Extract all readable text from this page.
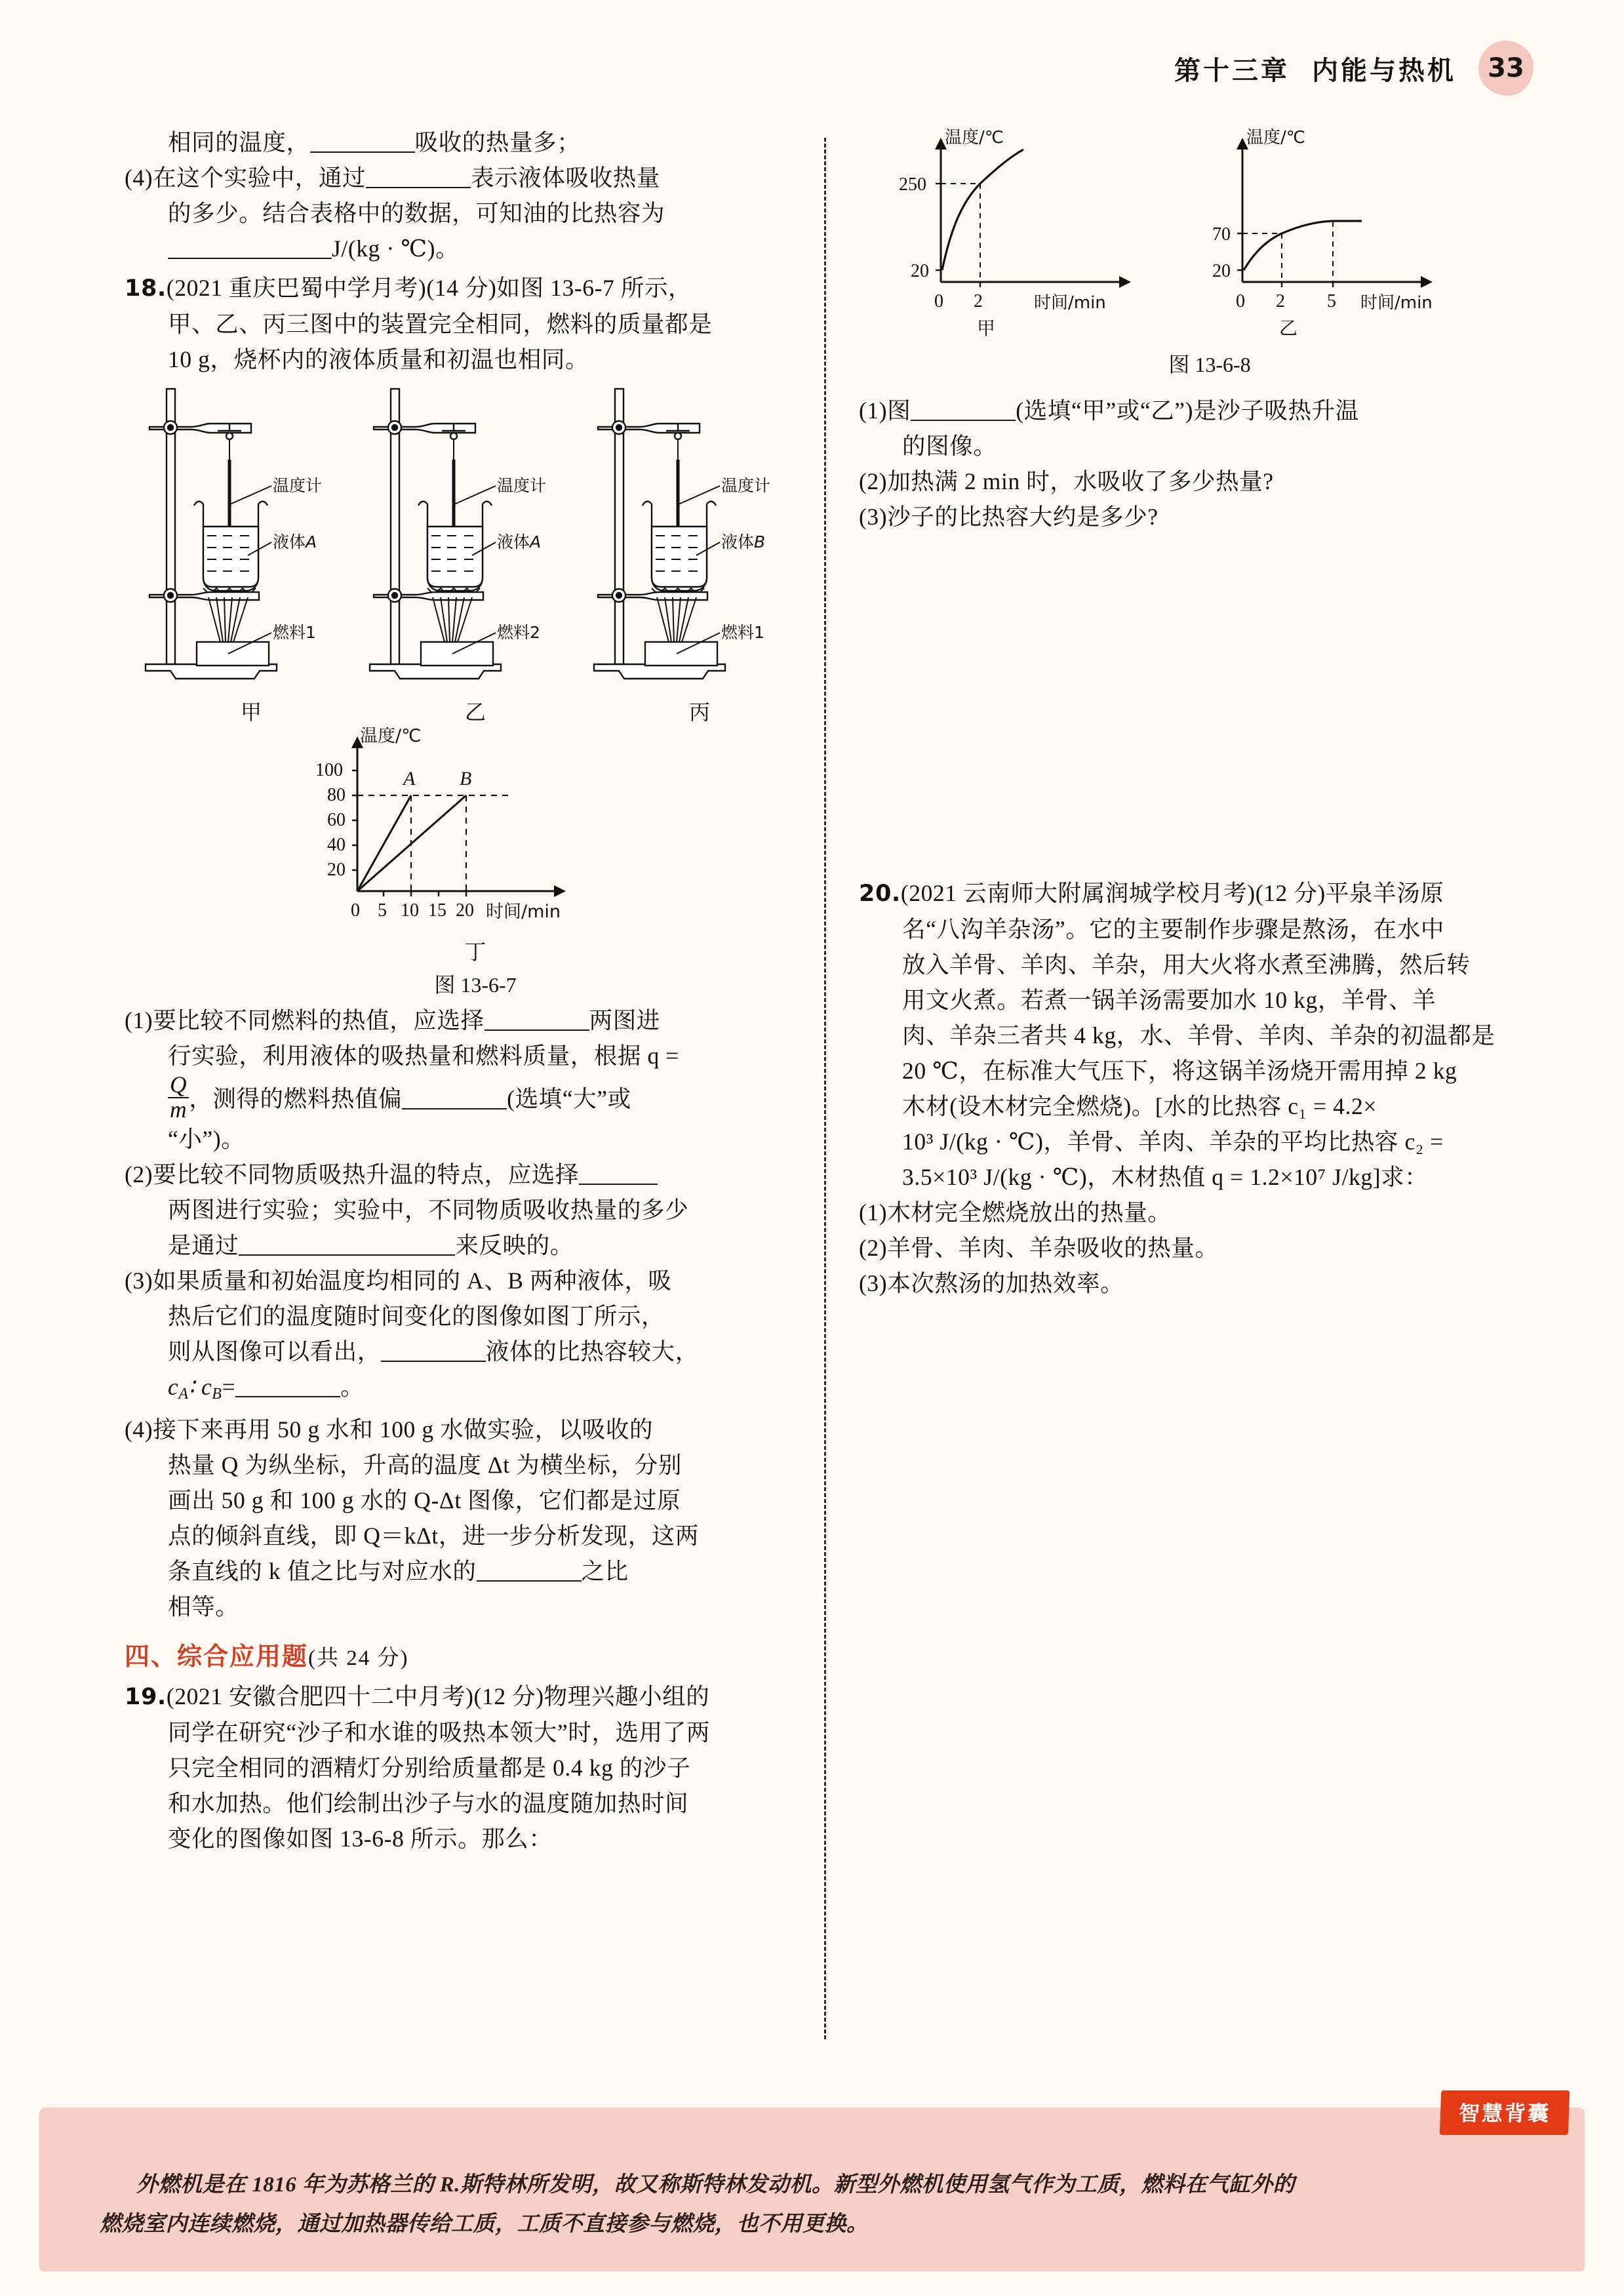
第十三章 内能与热机 33
相同的温度，	吸收的热量多；
(4)在这个实验中，通过	表示液体吸收热量
的多少。结合表格中的数据，可知油的比热容为
J/(kg · ℃)。
18.(2021 重庆巴蜀中学月考)(14 分)如图 13-6-7 所示，
甲、乙、丙三图中的装置完全相同，燃料的质量都是
10 g，烧杯内的液体质量和初温也相同。
温度计
液体A
燃料1
甲
温度计
液体A
燃料2
乙
温度计
液体B
燃料1
丙
温度/℃
100
80
60
40
20
0 5 10 15 20 时间/min
A B
丁
图 13-6-7
(1)要比较不同燃料的热值，应选择	两图进
行实验，利用液体的吸热量和燃料质量，根据 q =
$\frac{Q}{m}$ ，测得的燃料热值偏	(选填“大”或
“小”)。
(2)要比较不同物质吸热升温的特点，应选择
两图进行实验；实验中，不同物质吸收热量的多少
是通过	来反映的。
(3)如果质量和初始温度均相同的 A、B 两种液体，吸
热后它们的温度随时间变化的图像如图丁所示，
则从图像可以看出，	液体的比热容较大，
$c_A∶$ $c_B=$	。
(4)接下来再用 50 g 水和 100 g 水做实验，以吸收的
热量 Q 为纵坐标，升高的温度 Δt 为横坐标，分别
画出 50 g 和 100 g 水的 Q-Δt 图像，它们都是过原
点的倾斜直线，即 Q＝kΔt，进一步分析发现，这两
条直线的 k 值之比与对应水的	之比
相等。
四、综合应用题(共 24 分)
19.(2021 安徽合肥四十二中月考)(12 分)物理兴趣小组的
同学在研究“沙子和水谁的吸热本领大”时，选用了两
只完全相同的酒精灯分别给质量都是 0.4 kg 的沙子
和水加热。他们绘制出沙子与水的温度随加热时间
变化的图像如图 13-6-8 所示。那么：
温度/℃
250
20
0 2	时间/min
甲
温度/℃
70
20
0 2 5 时间/min
乙
图 13-6-8
(1)图	(选填“甲”或“乙”)是沙子吸热升温
的图像。
(2)加热满 2 min 时，水吸收了多少热量?
(3)沙子的比热容大约是多少?
20.(2021 云南师大附属润城学校月考)(12 分)平泉羊汤原
名“八沟羊杂汤”。它的主要制作步骤是熬汤，在水中
放入羊骨、羊肉、羊杂，用大火将水煮至沸腾，然后转
用文火煮。若煮一锅羊汤需要加水 10 kg，羊骨、羊
肉、羊杂三者共 4 kg，水、羊骨、羊肉、羊杂的初温都是
20 ℃，在标准大气压下，将这锅羊汤烧开需用掉 2 kg
木材(设木材完全燃烧)。[水的比热容 c₁ = 4.2×
10³ J/(kg · ℃)，羊骨、羊肉、羊杂的平均比热容 c₂ =
3.5×10³ J/(kg · ℃)，木材热值 q = 1.2×10⁷ J/kg]求：
(1)木材完全燃烧放出的热量。
(2)羊骨、羊肉、羊杂吸收的热量。
(3)本次熬汤的加热效率。
智慧背囊
外燃机是在 1816 年为苏格兰的 R.斯特林所发明，故又称斯特林发动机。新型外燃机使用氢气作为工质，燃料在气缸外的
燃烧室内连续燃烧，通过加热器传给工质，工质不直接参与燃烧，也不用更换。
